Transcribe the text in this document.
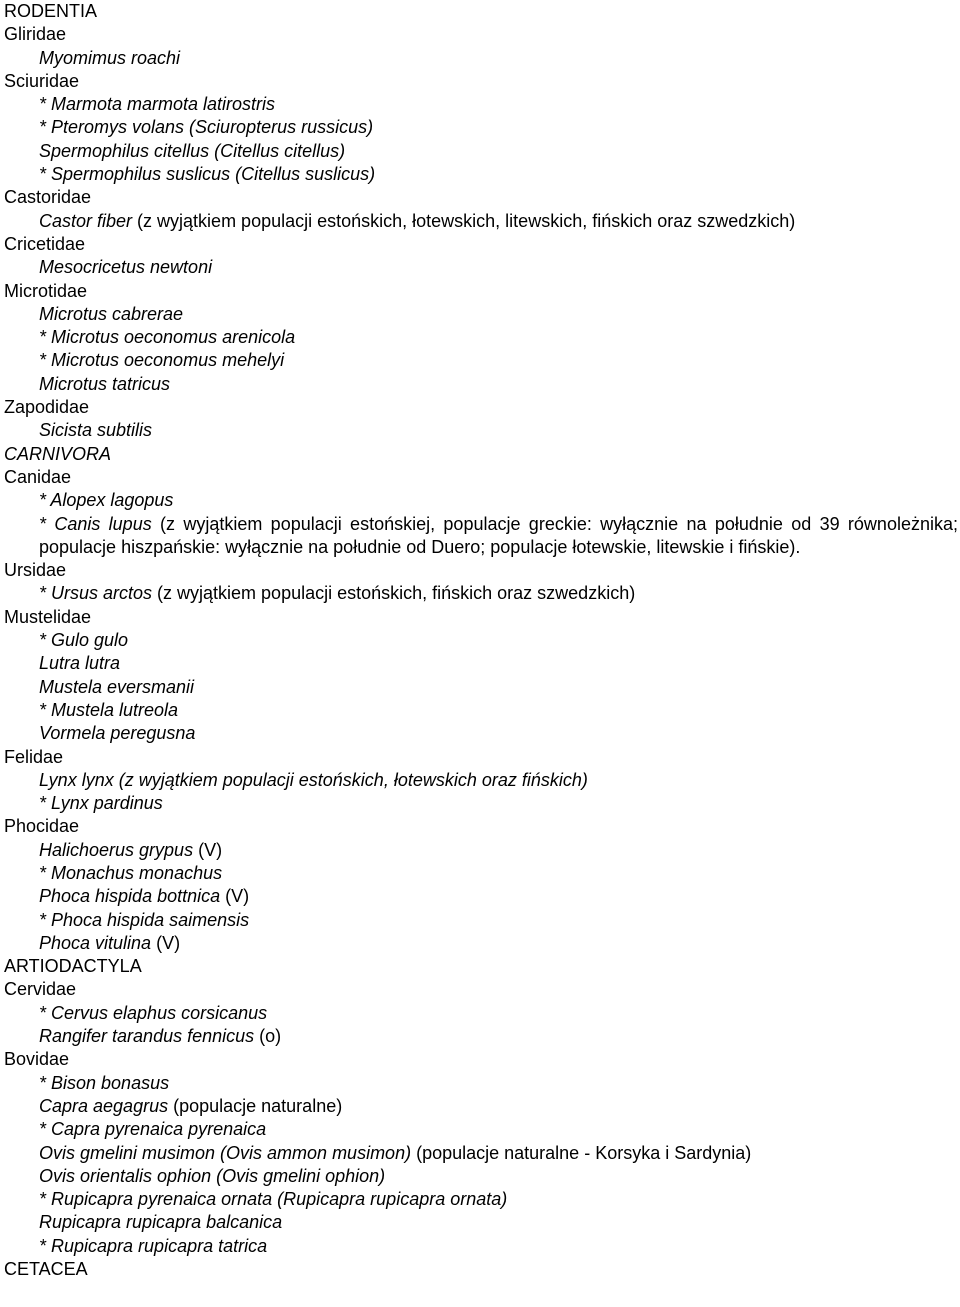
RODENTIA
Gliridae
Myomimus roachi
Sciuridae
* Marmota marmota latirostris
* Pteromys volans (Sciuropterus russicus)
Spermophilus citellus (Citellus citellus)
* Spermophilus suslicus (Citellus suslicus)
Castoridae
Castor fiber (z wyjątkiem populacji estońskich, łotewskich, litewskich, fińskich oraz szwedzkich)
Cricetidae
Mesocricetus newtoni
Microtidae
Microtus cabrerae
* Microtus oeconomus arenicola
* Microtus oeconomus mehelyi
Microtus tatricus
Zapodidae
Sicista subtilis
CARNIVORA
Canidae
* Alopex lagopus
* Canis lupus (z wyjątkiem populacji estońskiej, populacje greckie: wyłącznie na południe od 39 równoleżnika; populacje hiszpańskie: wyłącznie na południe od Duero; populacje łotewskie, litewskie i fińskie).
Ursidae
* Ursus arctos (z wyjątkiem populacji estońskich, fińskich oraz szwedzkich)
Mustelidae
* Gulo gulo
Lutra lutra
Mustela eversmanii
* Mustela lutreola
Vormela peregusna
Felidae
Lynx lynx (z wyjątkiem populacji estońskich, łotewskich oraz fińskich)
* Lynx pardinus
Phocidae
Halichoerus grypus (V)
* Monachus monachus
Phoca hispida bottnica (V)
* Phoca hispida saimensis
Phoca vitulina (V)
ARTIODACTYLA
Cervidae
* Cervus elaphus corsicanus
Rangifer tarandus fennicus (o)
Bovidae
* Bison bonasus
Capra aegagrus (populacje naturalne)
* Capra pyrenaica pyrenaica
Ovis gmelini musimon (Ovis ammon musimon) (populacje naturalne - Korsyka i Sardynia)
Ovis orientalis ophion (Ovis gmelini ophion)
* Rupicapra pyrenaica ornata (Rupicapra rupicapra ornata)
Rupicapra rupicapra balcanica
* Rupicapra rupicapra tatrica
CETACEA
